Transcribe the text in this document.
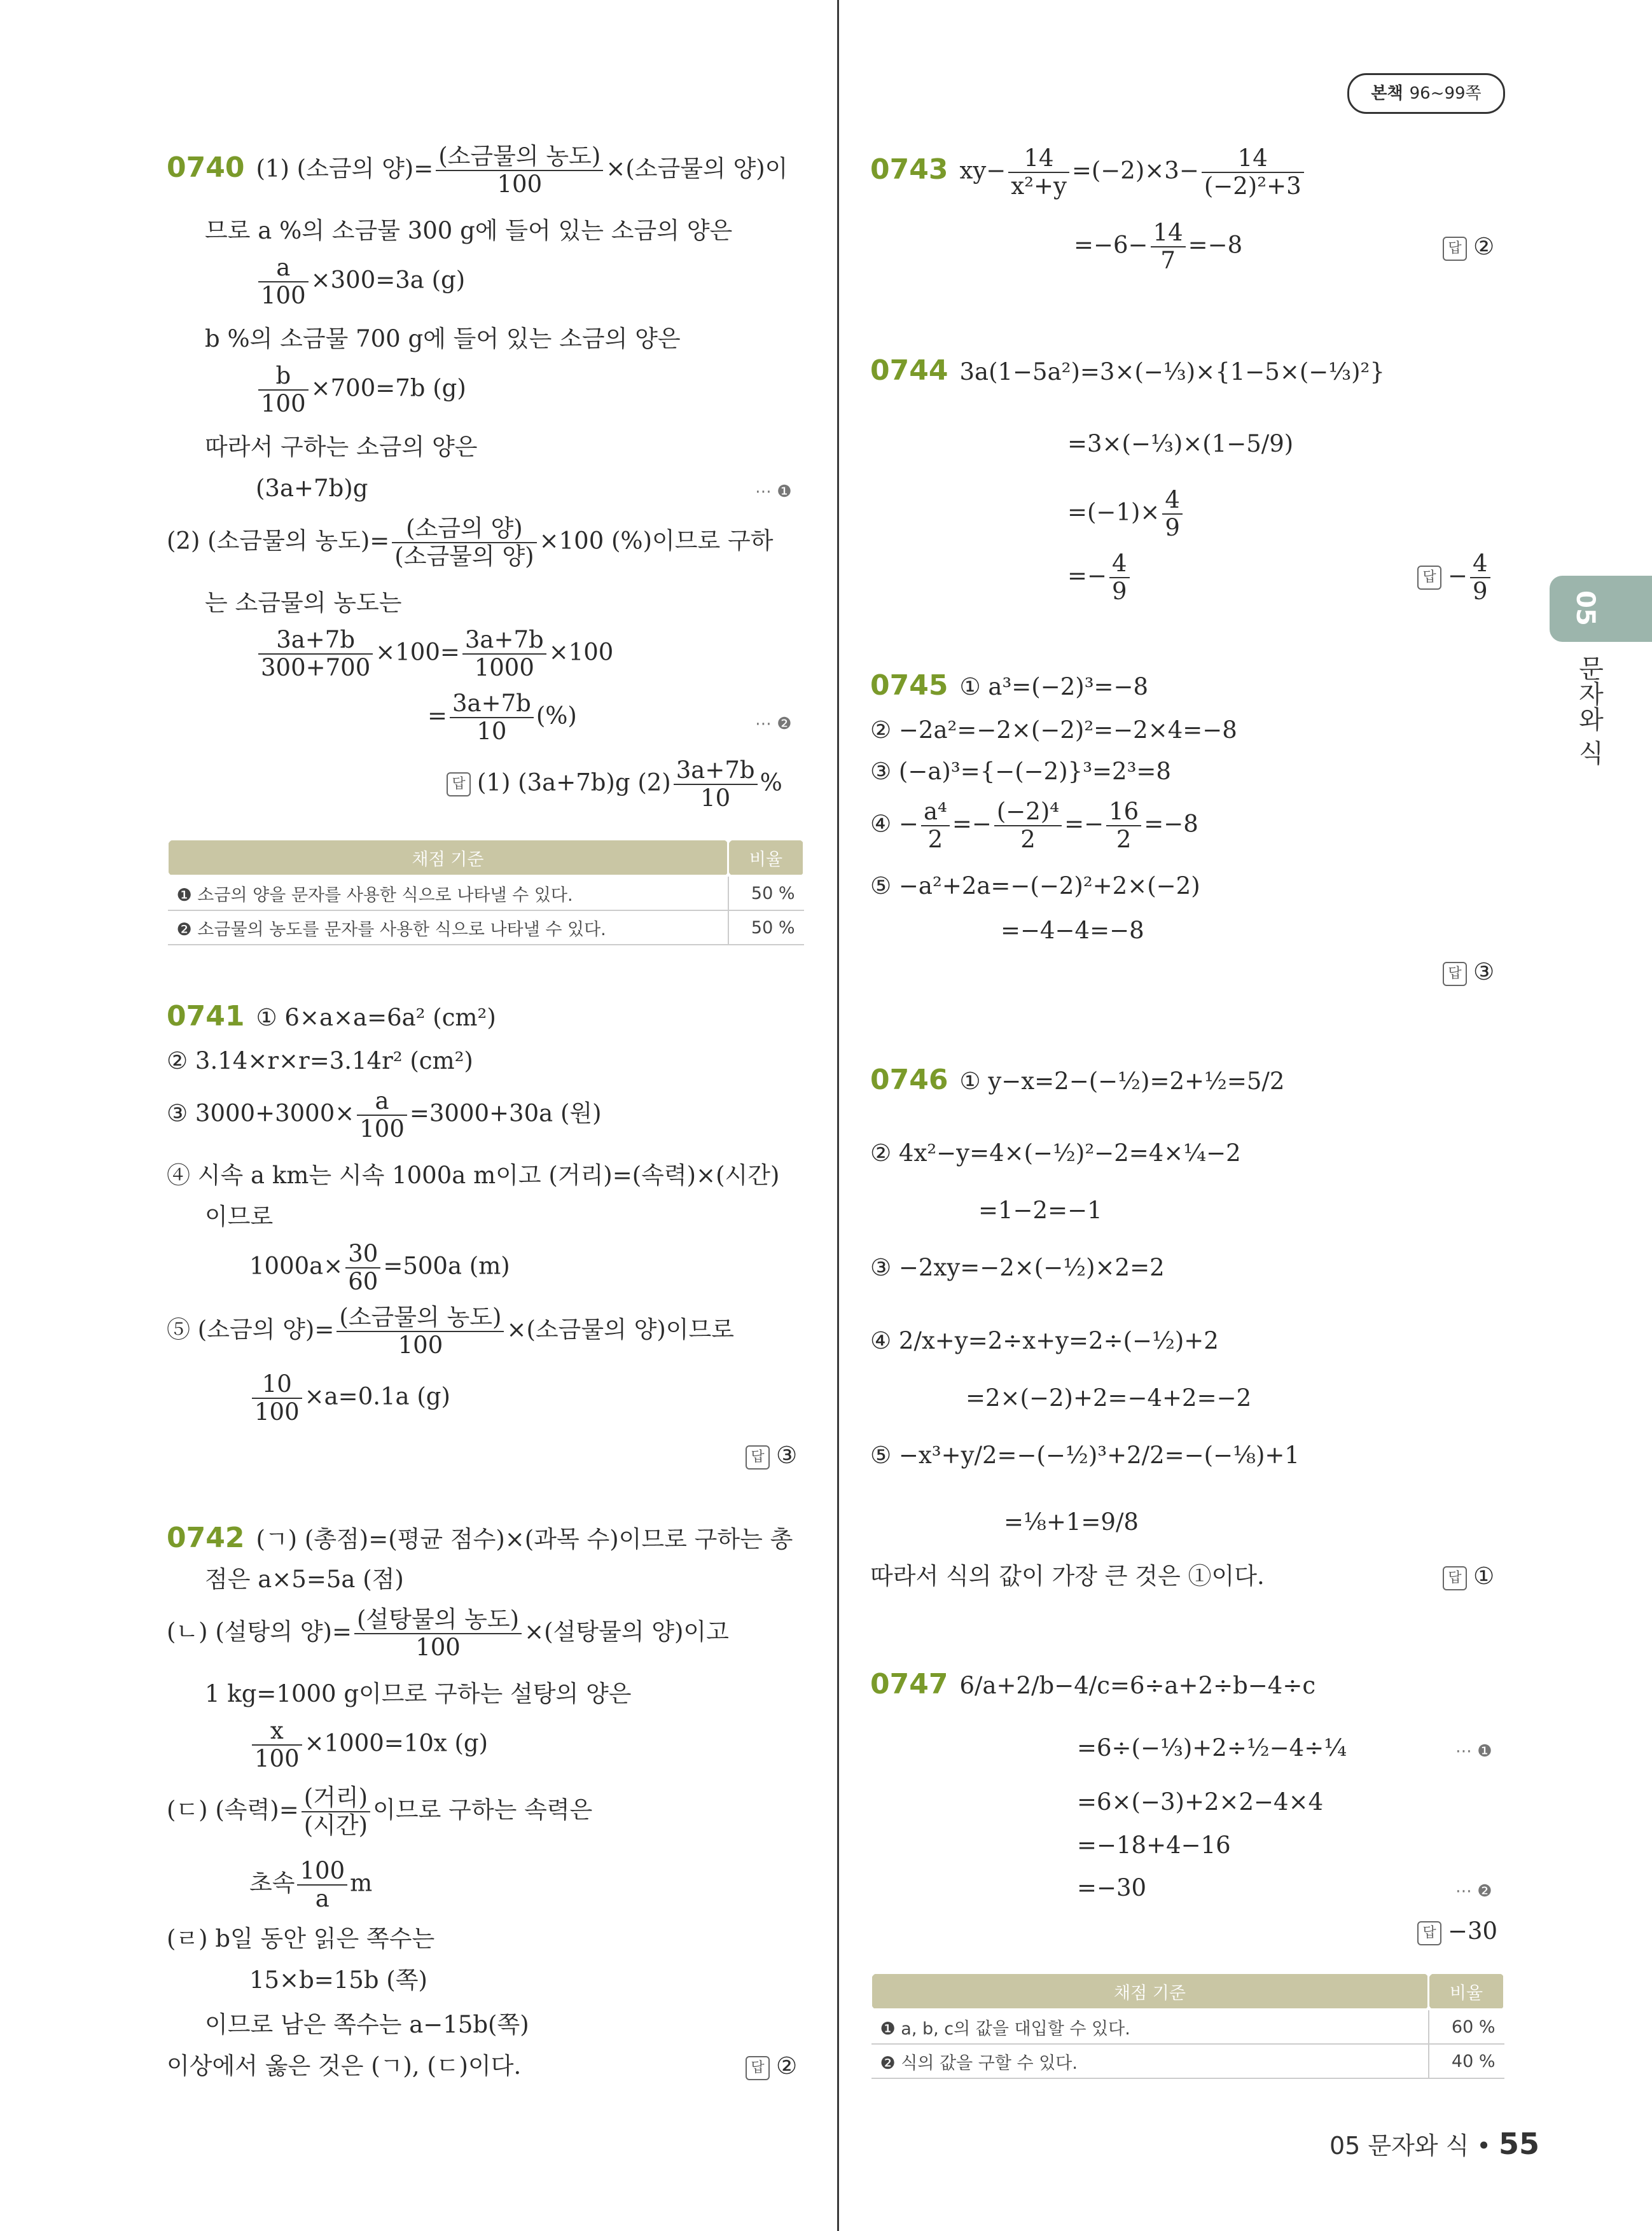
본책 96~99쪽
05
문자와 식
0740 (1) (소금의 양)= $\frac{\text{(소금물의 농도)}}{100}$ ×(소금물의 양)이
므로 a %의 소금물 300 g에 들어 있는 소금의 양은
$\frac{a}{100} \times 300=3a$ (g)
b %의 소금물 700 g에 들어 있는 소금의 양은
$\frac{b}{100} \times 700=7b$ (g)
따라서 구하는 소금의 양은
(3a+7b)g	⋯ ❶
(2) (소금물의 농도)= $\frac{\text{(소금의 양)}}{\text{(소금물의 양)}} \times 100$ (%)이므로 구하
는 소금물의 농도는
$\frac{3a+7b}{300+700} \times 100= \frac{3a+7b}{1000} \times 100$
= $\frac{3a+7b}{10}$ (%)	⋯ ❷
답 (1) (3a+7b)g $(2) \frac{3a+7b}{10}$ %
채점 기준	비율
❶ 소금의 양을 문자를 사용한 식으로 나타낼 수 있다.	50 %
❷ 소금물의 농도를 문자를 사용한 식으로 나타낼 수 있다.	50 %
0741 ① 6×a×a=6a² (cm²)
② 3.14×r×r=3.14r² (cm²)
③ $3000+3000\times \frac{a}{100} =3000+30a$ (원)
④ 시속 a km는 시속 1000a m이고 (거리)=(속력)×(시간)
이므로
$1000a\times \frac{30}{60} =500a$ (m)
⑤ (소금의 양)= $\frac{\text{(소금물의 농도)}}{100}$ ×(소금물의 양)이므로
$\frac{10}{100} \times a=0.1a$ (g)
답 ③
0742 (ㄱ) (총점)=(평균 점수)×(과목 수)이므로 구하는 총
점은 a×5=5a (점)
(ㄴ) (설탕의 양)= $\frac{\text{(설탕물의 농도)}}{100}$ ×(설탕물의 양)이고
1 kg=1000 g이므로 구하는 설탕의 양은
$\frac{x}{100} \times 1000=10x$ (g)
(ㄷ) (속력)= $\frac{\text{(거리)}}{\text{(시간)}}$ 이므로 구하는 속력은
초속 $\frac{100}{a}$ m
(ㄹ) b일 동안 읽은 쪽수는
15×b=15b (쪽)
이므로 남은 쪽수는 a−15b(쪽)
이상에서 옳은 것은 (ㄱ), (ㄷ)이다.	답 ②
0743 $xy- \frac{14}{\text{x²+y}} =(-2)\times 3- \frac{14}{\text{(−2)²+3}}$
$=-6- \frac{14}{7} =-8$	답 ②
0744 3a(1−5a²)=3×(−⅓)×{1−5×(−⅓)²}
=3×(−⅓)×(1−5/9)
$=(-1)\times \frac{4}{9}$
=− $\frac{4}{9}$	답 − $\frac{4}{9}$
0745 ① a³=(−2)³=−8
② −2a²=−2×(−2)²=−2×4=−8
③ (−a)³={−(−2)}³=2³=8
④ − $\frac{\text{a⁴}}{2} =- \frac{\text{(−2)⁴}}{2} =- \frac{16}{2} =-8$
⑤ −a²+2a=−(−2)²+2×(−2)
=−4−4=−8
답 ③
0746 ① y−x=2−(−½)=2+½=5/2
② 4x²−y=4×(−½)²−2=4×¼−2
=1−2=−1
③ −2xy=−2×(−½)×2=2
④ 2/x+y=2÷x+y=2÷(−½)+2
=2×(−2)+2=−4+2=−2
⑤ −x³+y/2=−(−½)³+2/2=−(−⅛)+1
=⅛+1=9/8
따라서 식의 값이 가장 큰 것은 ①이다.	답 ①
0747 6/a+2/b−4/c=6÷a+2÷b−4÷c
=6÷(−⅓)+2÷½−4÷¼	⋯ ❶
=6×(−3)+2×2−4×4
=−18+4−16
=−30	⋯ ❷
답 −30
채점 기준	비율
❶ a, b, c의 값을 대입할 수 있다.	60 %
❷ 식의 값을 구할 수 있다.	40 %
05 문자와 식 • 55
